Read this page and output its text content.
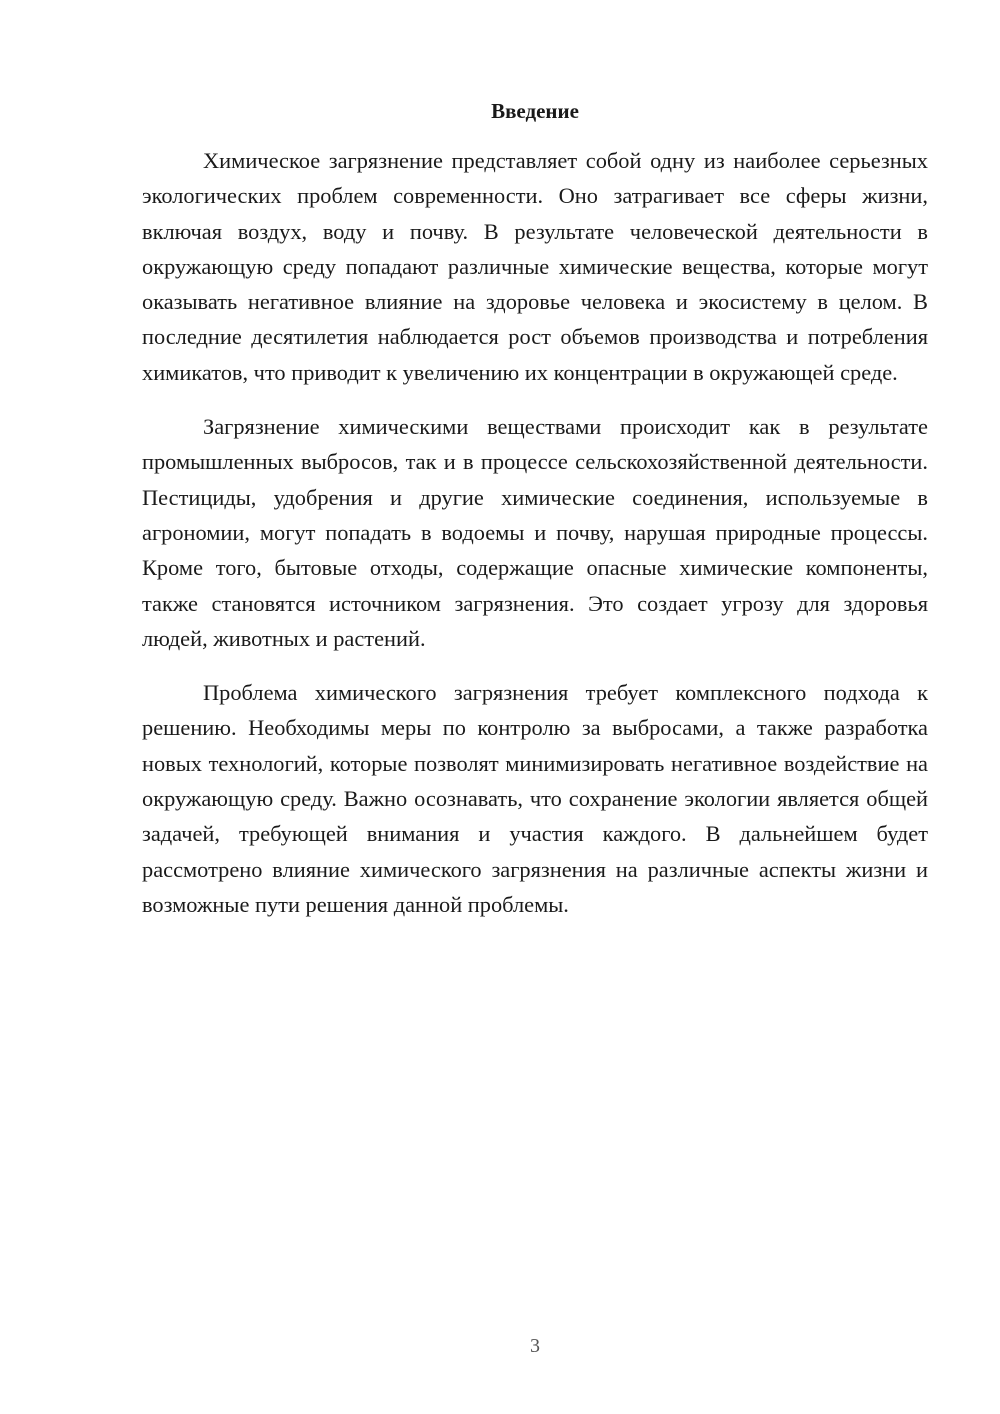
Введение

Химическое загрязнение представляет собой одну из наиболее серьезных экологических проблем современности. Оно затрагивает все сферы жизни, включая воздух, воду и почву. В результате человеческой деятельности в окружающую среду попадают различные химические вещества, которые могут оказывать негативное влияние на здоровье человека и экосистему в целом. В последние десятилетия наблюдается рост объемов производства и потребления химикатов, что приводит к увеличению их концентрации в окружающей среде.

Загрязнение химическими веществами происходит как в результате промышленных выбросов, так и в процессе сельскохозяйственной деятельности. Пестициды, удобрения и другие химические соединения, используемые в агрономии, могут попадать в водоемы и почву, нарушая природные процессы. Кроме того, бытовые отходы, содержащие опасные химические компоненты, также становятся источником загрязнения. Это создает угрозу для здоровья людей, животных и растений.

Проблема химического загрязнения требует комплексного подхода к решению. Необходимы меры по контролю за выбросами, а также разработка новых технологий, которые позволят минимизировать негативное воздействие на окружающую среду. Важно осознавать, что сохранение экологии является общей задачей, требующей внимания и участия каждого. В дальнейшем будет рассмотрено влияние химического загрязнения на различные аспекты жизни и возможные пути решения данной проблемы.

3
